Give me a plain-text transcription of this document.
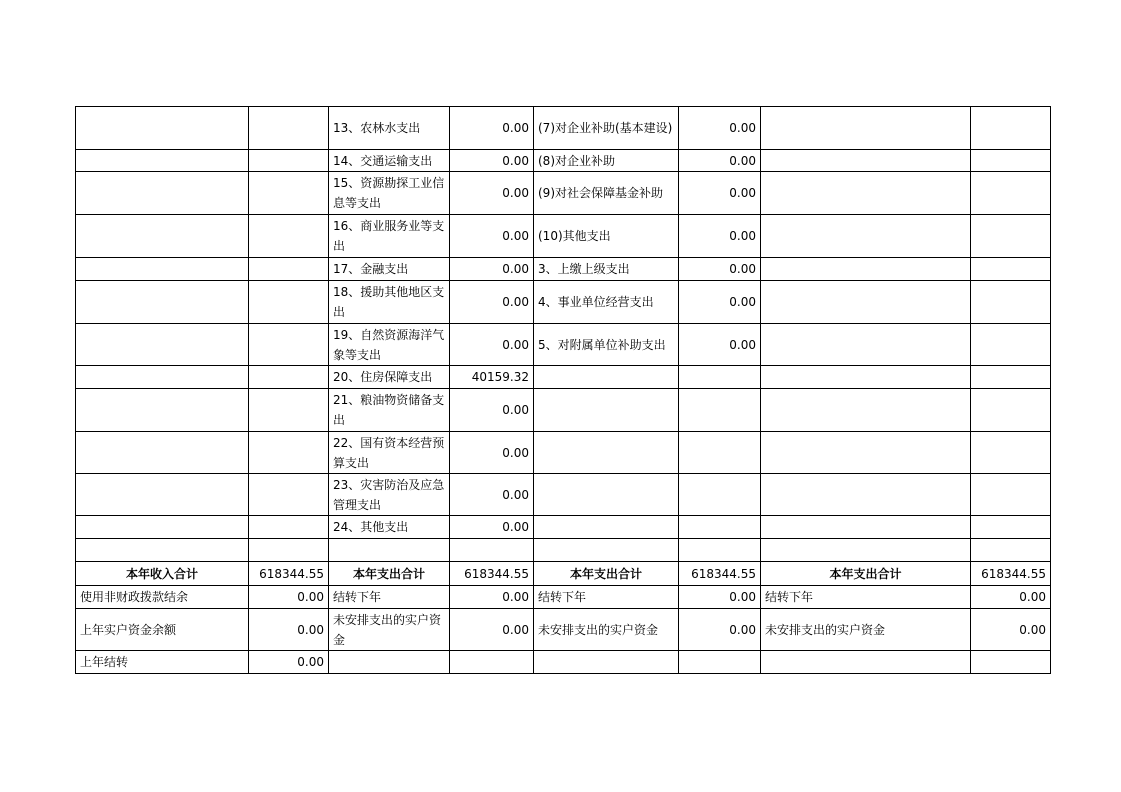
		13、农林水支出	0.00	(7)对企业补助(基本建设)	0.00		
		14、交通运输支出	0.00	(8)对企业补助	0.00		
		15、资源勘探工业信息等支出	0.00	(9)对社会保障基金补助	0.00		
		16、商业服务业等支出	0.00	(10)其他支出	0.00		
		17、金融支出	0.00	3、上缴上级支出	0.00		
		18、援助其他地区支出	0.00	4、事业单位经营支出	0.00		
		19、自然资源海洋气象等支出	0.00	5、对附属单位补助支出	0.00		
		20、住房保障支出	40159.32				
		21、粮油物资储备支出	0.00				
		22、国有资本经营预算支出	0.00				
		23、灾害防治及应急管理支出	0.00				
		24、其他支出	0.00				

本年收入合计	618344.55	本年支出合计	618344.55	本年支出合计	618344.55	本年支出合计	618344.55
使用非财政拨款结余	0.00	结转下年	0.00	结转下年	0.00	结转下年	0.00
上年实户资金余额	0.00	未安排支出的实户资金	0.00	未安排支出的实户资金	0.00	未安排支出的实户资金	0.00
上年结转	0.00						
